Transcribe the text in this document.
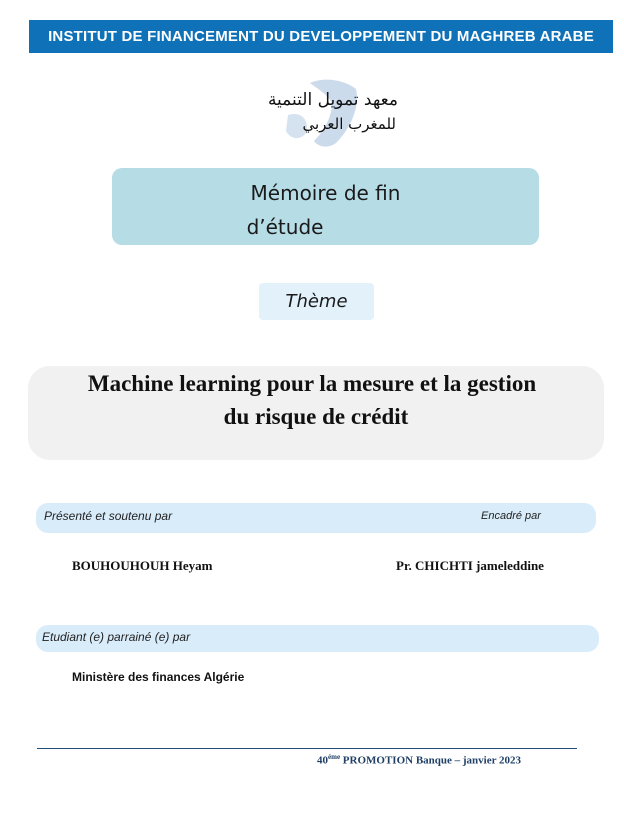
INSTITUT DE FINANCEMENT DU DEVELOPPEMENT DU MAGHREB ARABE
معهد تمويل التنمية
للمغرب العربي
Mémoire de fin
d’étude
Thème
Machine learning pour la mesure et la gestion
du risque de crédit
Présenté et soutenu par	Encadré par
BOUHOUHOUH Heyam	Pr. CHICHTI jameleddine
Etudiant (e) parrainé (e) par
Ministère des finances Algérie
$40^{éme}$ PROMOTION Banque – janvier 2023
